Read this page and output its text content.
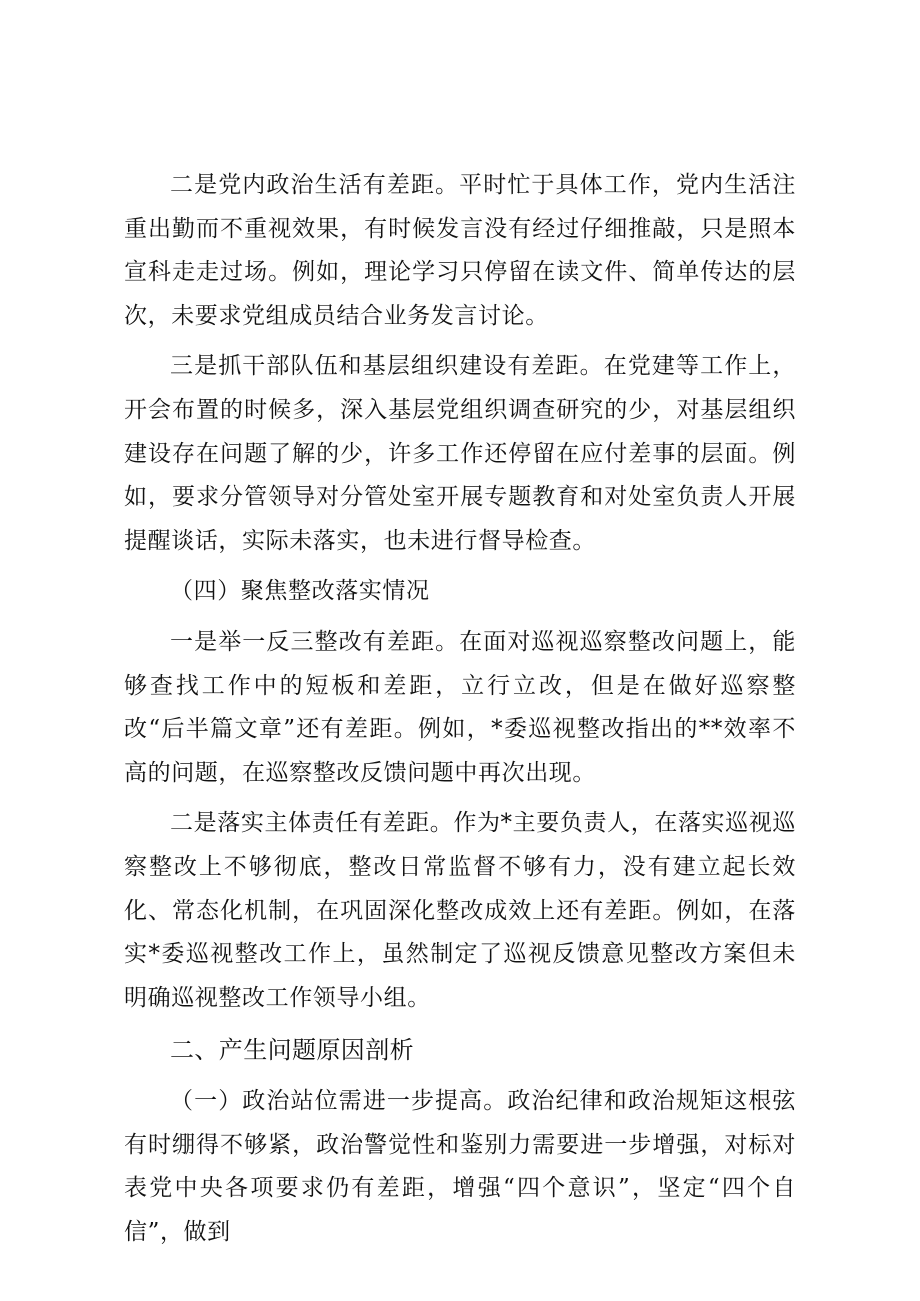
二是党内政治生活有差距。平时忙于具体工作，党内生活注重出勤而不重视效果，有时候发言没有经过仔细推敲，只是照本宣科走走过场。例如，理论学习只停留在读文件、简单传达的层次，未要求党组成员结合业务发言讨论。

三是抓干部队伍和基层组织建设有差距。在党建等工作上，开会布置的时候多，深入基层党组织调查研究的少，对基层组织建设存在问题了解的少，许多工作还停留在应付差事的层面。例如，要求分管领导对分管处室开展专题教育和对处室负责人开展提醒谈话，实际未落实，也未进行督导检查。

（四）聚焦整改落实情况

一是举一反三整改有差距。在面对巡视巡察整改问题上，能够查找工作中的短板和差距，立行立改，但是在做好巡察整改“后半篇文章”还有差距。例如，*委巡视整改指出的**效率不高的问题，在巡察整改反馈问题中再次出现。

二是落实主体责任有差距。作为*主要负责人，在落实巡视巡察整改上不够彻底，整改日常监督不够有力，没有建立起长效化、常态化机制，在巩固深化整改成效上还有差距。例如，在落实*委巡视整改工作上，虽然制定了巡视反馈意见整改方案但未明确巡视整改工作领导小组。

二、产生问题原因剖析

（一）政治站位需进一步提高。政治纪律和政治规矩这根弦有时绷得不够紧，政治警觉性和鉴别力需要进一步增强，对标对表党中央各项要求仍有差距，增强“四个意识”，坚定“四个自信”，做到
